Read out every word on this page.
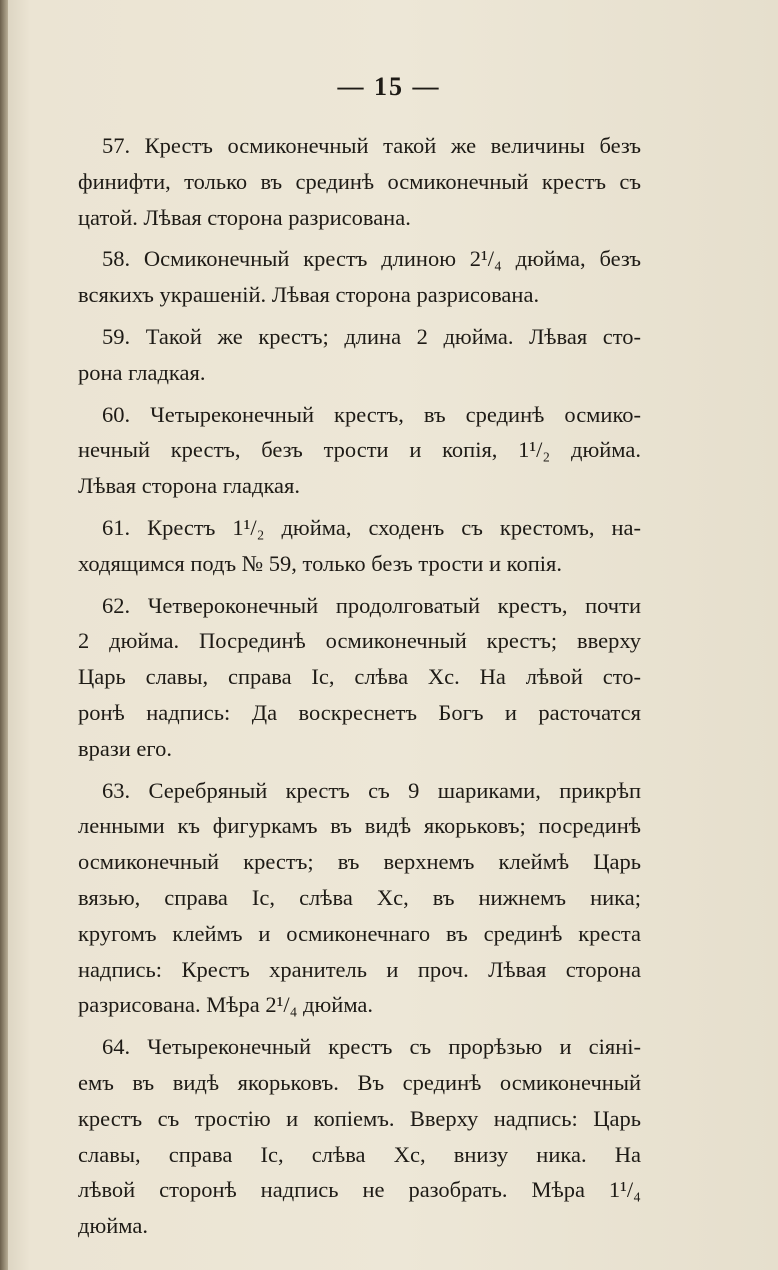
— 15 —
57. Крестъ осмиконечный такой же величины безъ
финифти, только въ срединѣ осмиконечный крестъ съ
цатой. Лѣвая сторона разрисована.
58. Осмиконечный крестъ длиною 2¹/₄ дюйма, безъ
всякихъ украшеній. Лѣвая сторона разрисована.
59. Такой же крестъ; длина 2 дюйма. Лѣвая сто-
рона гладкая.
60. Четыреконечный крестъ, въ срединѣ осмико-
нечный крестъ, безъ трости и копія, 1¹/₂ дюйма.
Лѣвая сторона гладкая.
61. Крестъ 1¹/₂ дюйма, сходенъ съ крестомъ, на-
ходящимся подъ № 59, только безъ трости и копія.
62. Четвероконечный продолговатый крестъ, почти
2 дюйма. Посрединѣ осмиконечный крестъ; вверху
Царь славы, справа Іс, слѣва Хс. На лѣвой сто-
ронѣ надпись: Да воскреснетъ Богъ и расточатся
врази его.
63. Серебряный крестъ съ 9 шариками, прикрѣп
ленными къ фигуркамъ въ видѣ якорьковъ; посрединѣ
осмиконечный крестъ; въ верхнемъ клеймѣ Царь
вязью, справа Іс, слѣва Хс, въ нижнемъ ника;
кругомъ клеймъ и осмиконечнаго въ срединѣ креста
надпись: Крестъ хранитель и проч. Лѣвая сторона
разрисована. Мѣра 2¹/₄ дюйма.
64. Четыреконечный крестъ съ прорѣзью и сіяні-
емъ въ видѣ якорьковъ. Въ срединѣ осмиконечный
крестъ съ тростію и копіемъ. Вверху надпись: Царь
славы, справа Іс, слѣва Хс, внизу ника. На
лѣвой сторонѣ надпись не разобрать. Мѣра 1¹/₄
дюйма.
